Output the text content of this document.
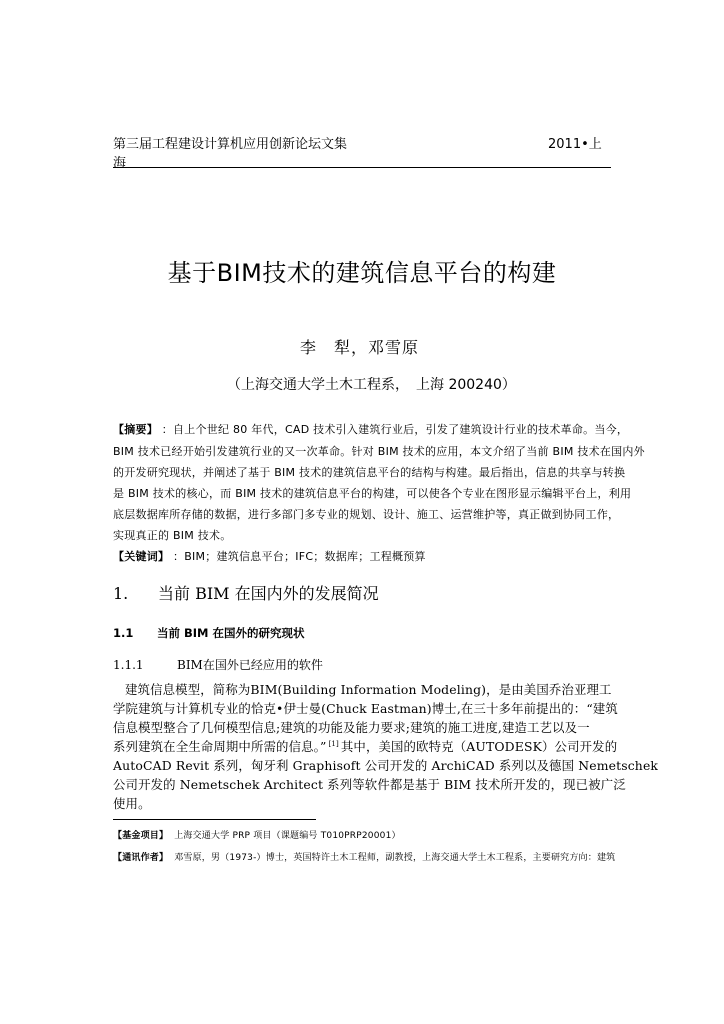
第三届工程建设计算机应用创新论坛文集	2011•上
海
基于BIM技术的建筑信息平台的构建
李　犁，邓雪原
（上海交通大学土木工程系，　上海 200240）
【摘要】 ：自上个世纪 80 年代，CAD 技术引入建筑行业后，引发了建筑设计行业的技术革命。当今，
BIM 技术已经开始引发建筑行业的又一次革命。针对 BIM 技术的应用，本文介绍了当前 BIM 技术在国内外
的开发研究现状，并阐述了基于 BIM 技术的建筑信息平台的结构与构建。最后指出，信息的共享与转换
是 BIM 技术的核心，而 BIM 技术的建筑信息平台的构建，可以使各个专业在图形显示编辑平台上，利用
底层数据库所存储的数据，进行多部门多专业的规划、设计、施工、运营维护等，真正做到协同工作，
实现真正的 BIM 技术。
【关键词】 ：BIM；建筑信息平台；IFC；数据库；工程概预算
1. 当前 BIM 在国内外的发展简况
1.1 当前 BIM 在国外的研究现状
1.1.1	BIM在国外已经应用的软件
建筑信息模型，简称为BIM(Building Information Modeling)，是由美国乔治亚理工
学院建筑与计算机专业的恰克•伊士曼(Chuck Eastman)博士,在三十多年前提出的：“建筑
信息模型整合了几何模型信息;建筑的功能及能力要求;建筑的施工进度,建造工艺以及一
系列建筑在全生命周期中所需的信息。” [1] 其中，美国的欧特克（AUTODESK）公司开发的
AutoCAD Revit 系列，匈牙利 Graphisoft 公司开发的 ArchiCAD 系列以及德国 Nemetschek
公司开发的 Nemetschek Architect 系列等软件都是基于 BIM 技术所开发的，现已被广泛
使用。
【基金项目】 上海交通大学 PRP 项目（课题编号 T010PRP20001）
【通讯作者】 邓雪原，男（1973-）博士，英国特许土木工程师，副教授，上海交通大学土木工程系，主要研究方向：建筑
